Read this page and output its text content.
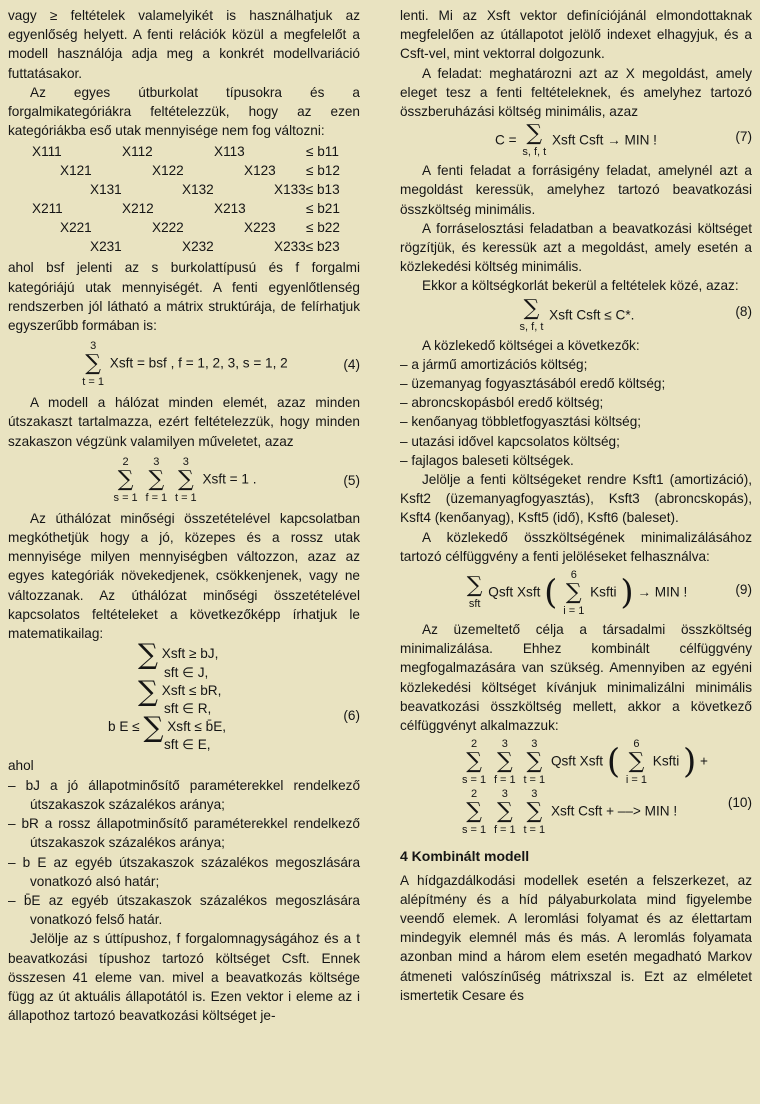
vagy ≥ feltételek valamelyikét is használhatjuk az egyenlőség helyett. A fenti relációk közül a megfelelőt a modell használója adja meg a konkrét modellvariáció futtatásakor.

Az egyes útburkolat típusokra és a forgalmikategóriákra feltételezzük, hogy az ezen kategóriákba eső utak mennyisége nem fog változni:

X111	X112	X113	≤ b11
X121	X122	X123 ≤ b12
X131	X132	X133≤ b13
X211	X212	X213	≤ b21
X221	X222	X223 ≤ b22
X231	X232	X233≤ b23

ahol bsf jelenti az s burkolattípusú és f forgalmi kategóriájú utak mennyiségét. A fenti egyenlőtlenség rendszerben jól látható a mátrix struktúrája, de felírhatjuk egyszerűbb formában is:

3
∑
t = 1
Xsft = bsf , f = 1, 2, 3, s = 1, 2	(4)

A modell a hálózat minden elemét, azaz minden útszakaszt tartalmazza, ezért feltételezzük, hogy minden szakaszon végzünk valamilyen műveletet, azaz

2
∑
s = 1

3
∑
f = 1

3
∑
t = 1
Xsft = 1 .	(5)

Az úthálózat minőségi összetételével kapcsolatban megkóthetjük hogy a jó, közepes és a rossz utak mennyisége milyen mennyiségben változzon, azaz az egyes kategóriák növekedjenek, csökkenjenek, vagy ne változzanak. Az úthálózat minőségi összetételével kapcsolatos feltételeket a következőképp írhatjuk le matematikailag:

∑ Xsft ≥ bJ,
sft ∈ J,
∑ Xsft ≤ bR,
sft ∈ R,
b E ≤ ∑ Xsft ≤ b̄E,
sft ∈ E,
(6)

ahol

– bJ a jó állapotminősítő paraméterekkel rendelkező útszakaszok százalékos aránya;
– bR a rossz állapotminősítő paraméterekkel rendelkező útszakaszok százalékos aránya;
– b E az egyéb útszakaszok százalékos megoszlására vonatkozó alsó határ;
– b̄E az egyéb útszakaszok százalékos megoszlására vonatkozó felső határ.

Jelölje az s úttípushoz, f forgalomnagyságához és a t beavatkozási típushoz tartozó költséget Csft. Ennek összesen 41 eleme van. mivel a beavatkozás költsége függ az út aktuális állapotától is. Ezen vektor i eleme az i állapothoz tartozó beavatkozási költséget je-

lenti. Mi az Xsft vektor definíciójánál elmondottaknak megfelelően az útállapotot jelölő indexet elhagyjuk, és a Csft-vel, mint vektorral dolgozunk.

A feladat: meghatározni azt az X megoldást, amely eleget tesz a fenti feltételeknek, és amelyhez tartozó összberuházási költség minimális, azaz

C = ∑
s, f, t
Xsft Csft → MIN !	(7)

A fenti feladat a forrásigény feladat, amelynél azt a megoldást keressük, amelyhez tartozó beavatkozási összköltség minimális.

A forráselosztási feladatban a beavatkozási költséget rögzítjük, és keressük azt a megoldást, amely esetén a közlekedési költség minimális.

Ekkor a költségkorlát bekerül a feltételek közé, azaz:

∑
s, f, t
Xsft Csft ≤ C*.	(8)

A közlekedő költségei a következők:

– a jármű amortizációs költség;
– üzemanyag fogyasztásából eredő költség;
– abroncskopásból eredő költség;
– kenőanyag többletfogyasztási költség;
– utazási idővel kapcsolatos költség;
– fajlagos baleseti költségek.

Jelölje a fenti költségeket rendre Ksft1 (amortizáció), Ksft2 (üzemanyagfogyasztás), Ksft3 (abroncskopás), Ksft4 (kenőanyag), Ksft5 (idő), Ksft6 (baleset).

A közlekedő összköltségének minimalizálásához tartozó célfüggvény a fenti jelöléseket felhasználva:

∑
sft
Qsft Xsft (	6
∑
i = 1
Ksfti ) → MIN !	(9)

Az üzemeltető célja a társadalmi összköltség minimalizálása. Ehhez kombinált célfüggvény megfogalmazására van szükség. Amennyiben az egyéni közlekedési költséget kívánjuk minimalizálni minimális beavatkozási összköltség mellett, akkor a következő célfüggvényt alkalmazzuk:

2
∑
s = 1

3
∑
f = 1

3
∑
t = 1
Qsft Xsft (	6
∑
i = 1
Ksfti ) +
2
∑
s = 1

3
∑
f = 1

3
∑
t = 1
Xsft Csft + ––> MIN !
(10)
4 Kombinált modell

A hídgazdálkodási modellek esetén a felszerkezet, az alépítmény és a híd pályaburkolata mind figyelembe veendő elemek. A leromlási folyamat és az élettartam mindegyik elemnél más és más. A leromlás folyamata azonban mind a három elem esetén megadható Markov átmeneti valószínűség mátrixszal is. Ezt az elméletet ismertetik Cesare és
